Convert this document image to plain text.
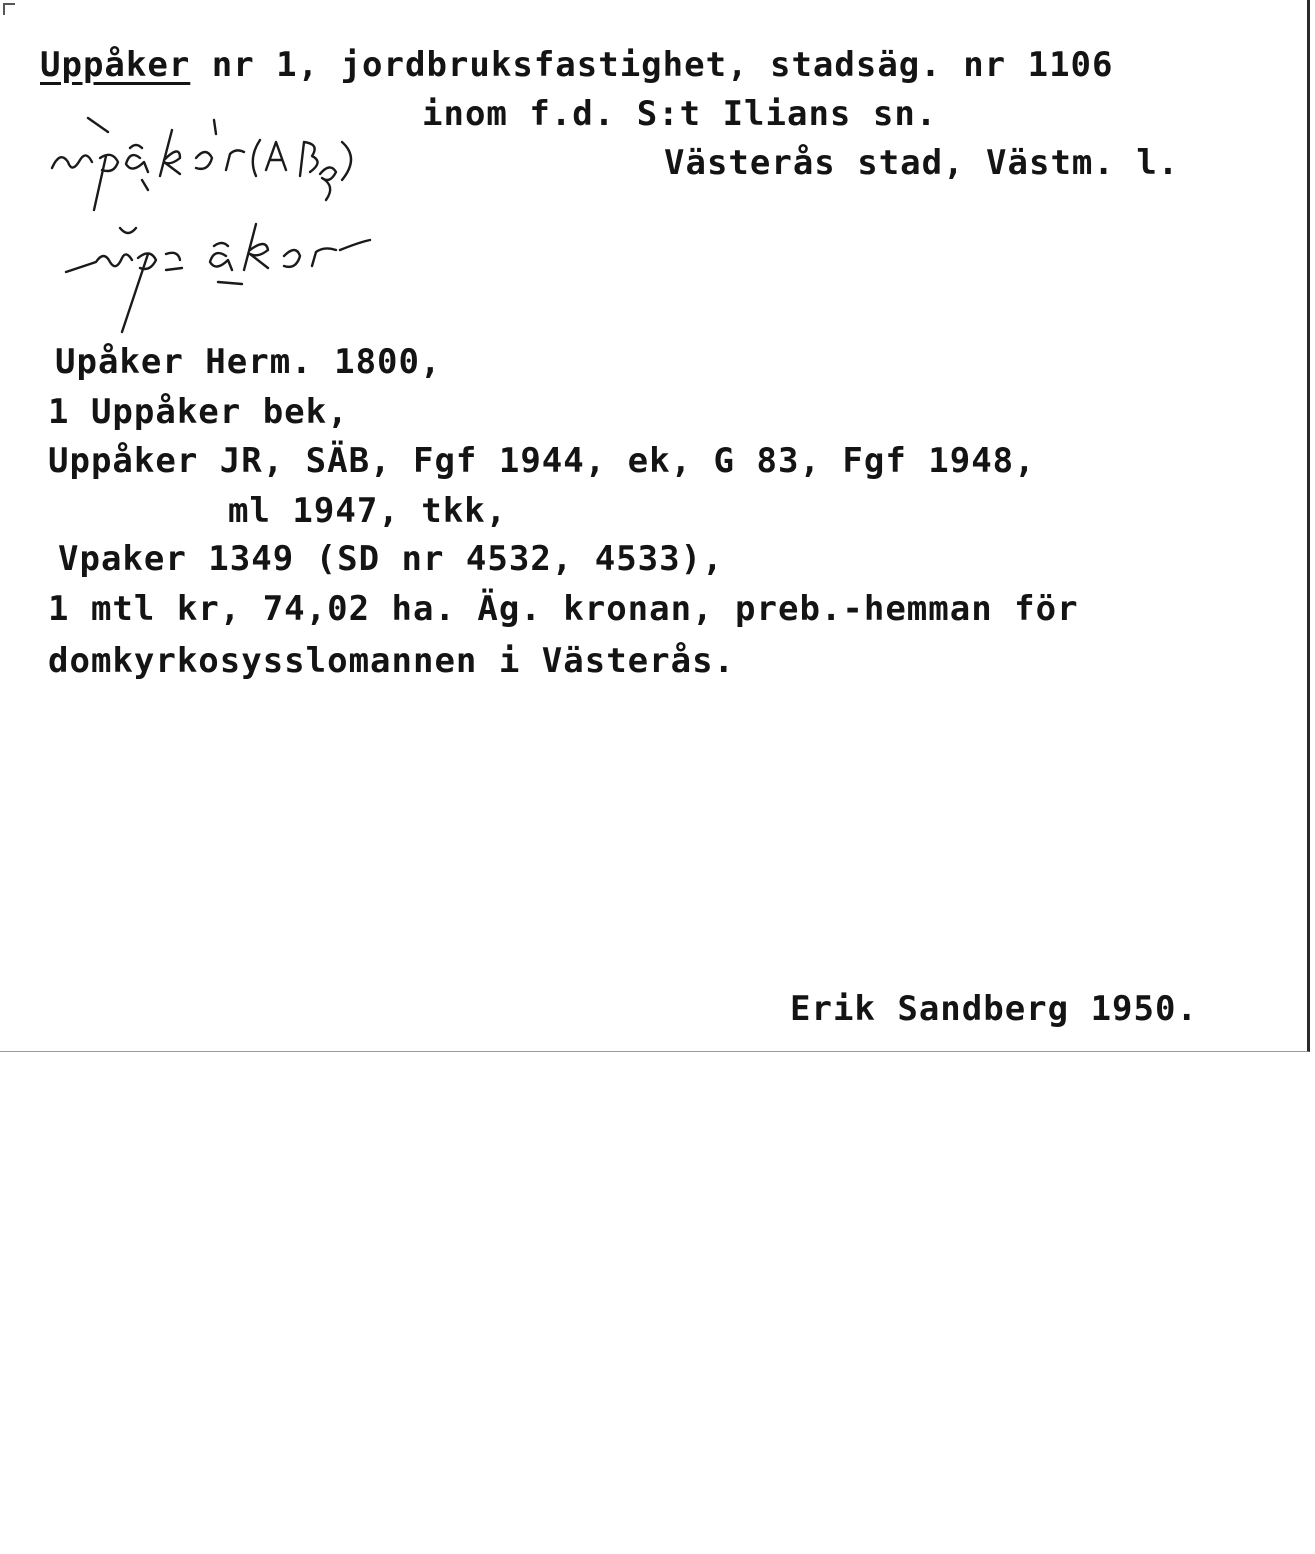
Uppåker nr 1, jordbruksfastighet, stadsäg. nr 1106
inom f.d. S:t Ilians sn.
Västerås stad, Västm. l.
Upåker Herm. 1800,
1 Uppåker bek,
Uppåker JR, SÄB, Fgf 1944, ek, G 83, Fgf 1948,
ml 1947, tkk,
Vpaker 1349 (SD nr 4532, 4533),
1 mtl kr, 74,02 ha. Äg. kronan, preb.-hemman för
domkyrkosysslomannen i Västerås.
Erik Sandberg 1950.
